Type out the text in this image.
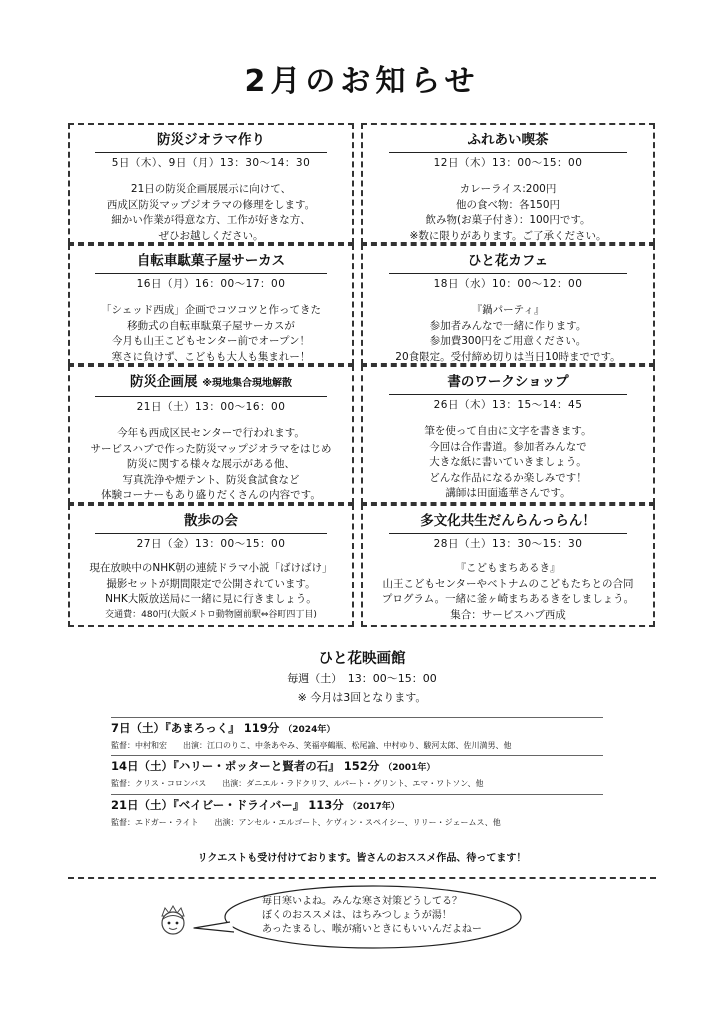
2月のお知らせ
防災ジオラマ作り
5日（木）、9日（月）13：30～14：30
21日の防災企画展展示に向けて、
西成区防災マップジオラマの修理をします。
細かい作業が得意な方、工作が好きな方、
ぜひお越しください。
ふれあい喫茶
12日（木）13：00～15：00
カレーライス:200円
他の食べ物：各150円
飲み物(お菓子付き）：100円です。
※数に限りがあります。ご了承ください。
自転車駄菓子屋サーカス
16日（月）16：00～17：00
「シェッド西成」企画でコツコツと作ってきた
移動式の自転車駄菓子屋サーカスが
今月も山王こどもセンター前でオープン！
寒さに負けず、こどもも大人も集まれー！
ひと花カフェ
18日（水）10：00～12：00
『鍋パーティ』
参加者みんなで一緒に作ります。
参加費300円をご用意ください。
20食限定。受付締め切りは当日10時までです。
防災企画展 ※現地集合現地解散
21日（土）13：00～16：00
今年も西成区民センターで行われます。
サービスハブで作った防災マップジオラマをはじめ
防災に関する様々な展示がある他、
写真洗浄や煙テント、防災食試食など
体験コーナーもあり盛りだくさんの内容です。
書のワークショップ
26日（木）13：15～14：45
筆を使って自由に文字を書きます。
今回は合作書道。参加者みんなで
大きな紙に書いていきましょう。
どんな作品になるか楽しみです！
講師は田面遙華さんです。
散歩の会
27日（金）13：00～15：00
現在放映中のNHK朝の連続ドラマ小説「ばけばけ」
撮影セットが期間限定で公開されています。
NHK大阪放送局に一緒に見に行きましょう。
交通費：480円(大阪メトロ動物園前駅⇔谷町四丁目)
多文化共生だんらんっらん！
28日（土）13：30～15：30
『こどもまちあるき』
山王こどもセンターやベトナムのこどもたちとの合同
プログラム。一緒に釜ヶ崎まちあるきをしましょう。
集合：サービスハブ西成
ひと花映画館
毎週（土）　13：00～15：00
※ 今月は3回となります。
7日（土）『あまろっく』 119分 （2024年）
監督：中村和宏　　出演：江口のりこ、中条あやみ、笑福亭鶴瓶、松尾諭、中村ゆり、駿河太郎、佐川満男、他
14日（土）『ハリー・ポッターと賢者の石』 152分 （2001年）
監督：クリス・コロンバス　　出演：ダニエル・ラドクリフ、ルパート・グリント、エマ・ワトソン、他
21日（土）『ベイビー・ドライバー』 113分 （2017年）
監督：エドガー・ライト　　出演：アンセル・エルゴート、ケヴィン・スペイシー、リリー・ジェームス、他
リクエストも受け付けております。皆さんのおススメ作品、待ってます！
毎日寒いよね。みんな寒さ対策どうしてる？
ぼくのおススメは、はちみつしょうが湯！
あったまるし、喉が痛いときにもいいんだよねー
